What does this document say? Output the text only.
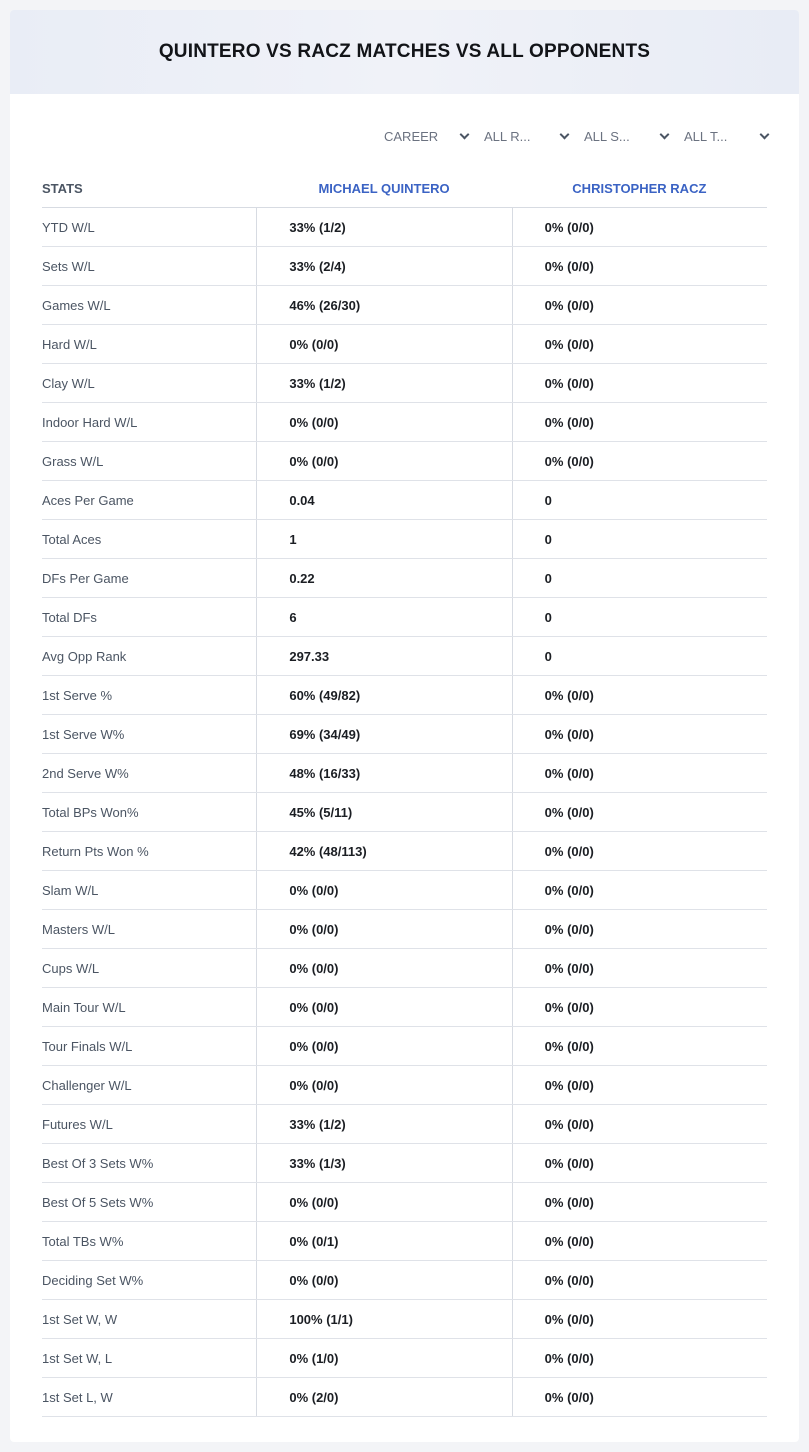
QUINTERO VS RACZ MATCHES VS ALL OPPONENTS
CAREER	ALL R...	ALL S...	ALL T...
STATS	MICHAEL QUINTERO	CHRISTOPHER RACZ
YTD W/L	33% (1/2)	0% (0/0)
Sets W/L	33% (2/4)	0% (0/0)
Games W/L	46% (26/30)	0% (0/0)
Hard W/L	0% (0/0)	0% (0/0)
Clay W/L	33% (1/2)	0% (0/0)
Indoor Hard W/L	0% (0/0)	0% (0/0)
Grass W/L	0% (0/0)	0% (0/0)
Aces Per Game	0.04	0
Total Aces	1	0
DFs Per Game	0.22	0
Total DFs	6	0
Avg Opp Rank	297.33	0
1st Serve %	60% (49/82)	0% (0/0)
1st Serve W%	69% (34/49)	0% (0/0)
2nd Serve W%	48% (16/33)	0% (0/0)
Total BPs Won%	45% (5/11)	0% (0/0)
Return Pts Won %	42% (48/113)	0% (0/0)
Slam W/L	0% (0/0)	0% (0/0)
Masters W/L	0% (0/0)	0% (0/0)
Cups W/L	0% (0/0)	0% (0/0)
Main Tour W/L	0% (0/0)	0% (0/0)
Tour Finals W/L	0% (0/0)	0% (0/0)
Challenger W/L	0% (0/0)	0% (0/0)
Futures W/L	33% (1/2)	0% (0/0)
Best Of 3 Sets W%	33% (1/3)	0% (0/0)
Best Of 5 Sets W%	0% (0/0)	0% (0/0)
Total TBs W%	0% (0/1)	0% (0/0)
Deciding Set W%	0% (0/0)	0% (0/0)
1st Set W, W	100% (1/1)	0% (0/0)
1st Set W, L	0% (1/0)	0% (0/0)
1st Set L, W	0% (2/0)	0% (0/0)
